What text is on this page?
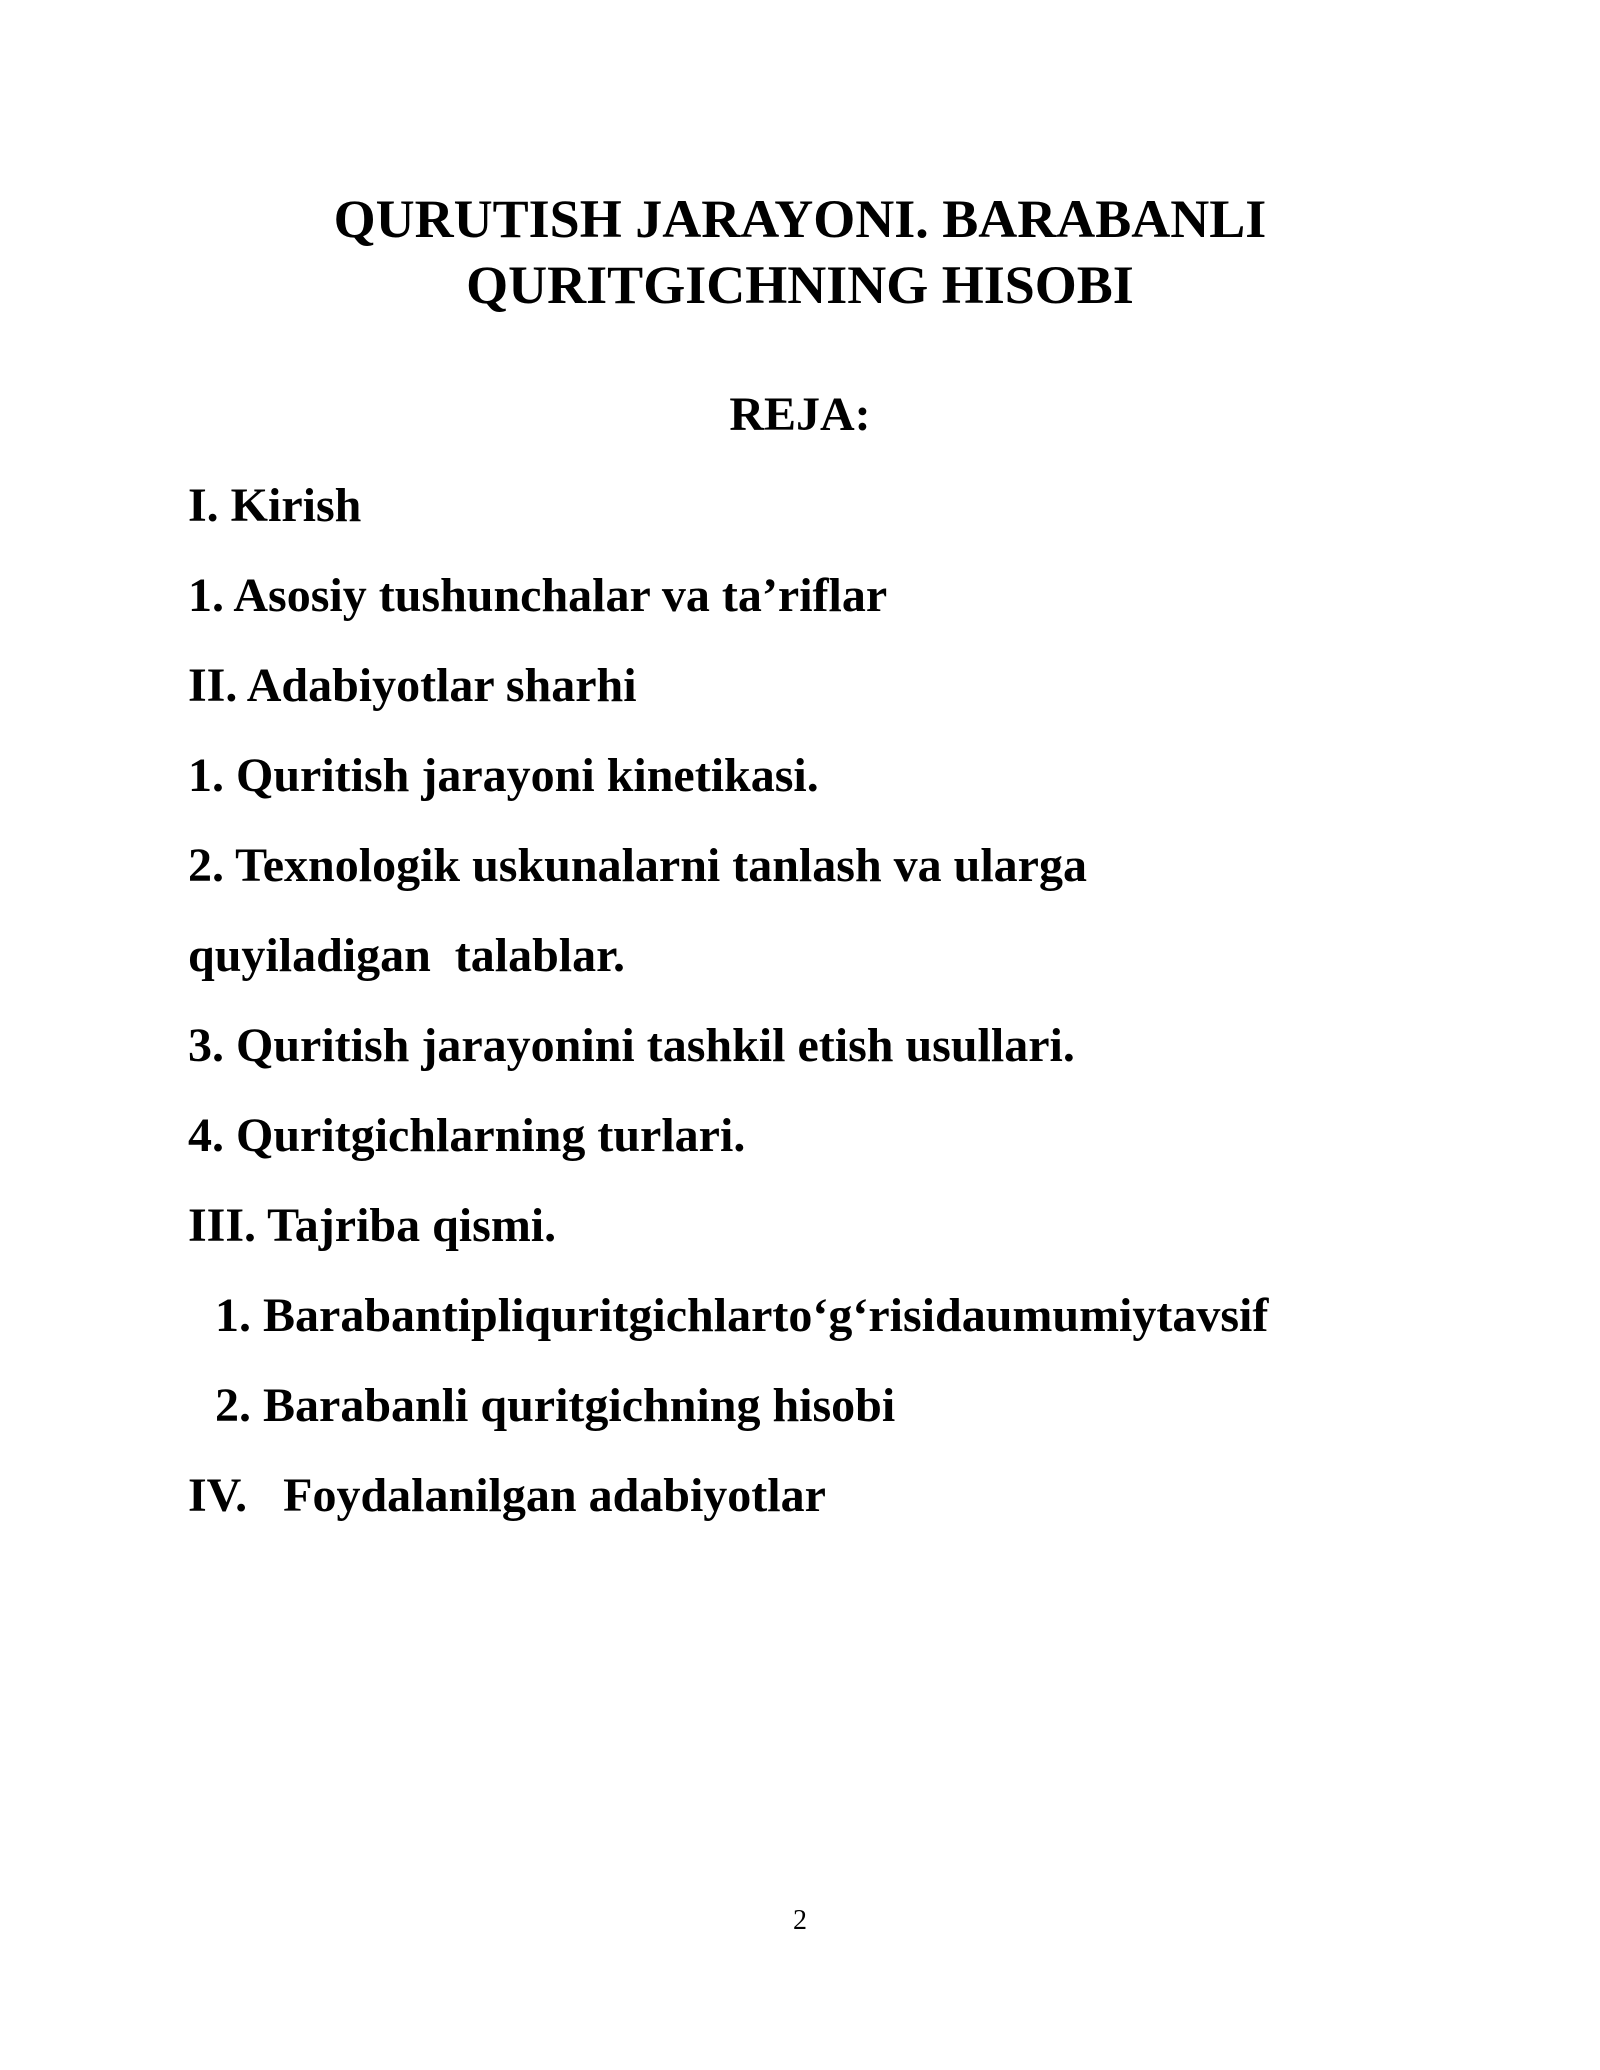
QURUTISH JARAYONI. BARABANLI
QURITGICHNING HISOBI
REJA:
I. Kirish
1. Asosiy tushunchalar va ta’riflar
II. Adabiyotlar sharhi
1. Quritish jarayoni kinetikasi.
2. Texnologik uskunalarni tanlash va ularga
quyiladigan  talablar.
3. Quritish jarayonini tashkil etish usullari.
4. Quritgichlarning turlari.
III. Tajriba qismi.
1. Barabantipliquritgichlarto‘g‘risidaumumiytavsif
2. Barabanli quritgichning hisobi
IV.   Foydalanilgan adabiyotlar
2
